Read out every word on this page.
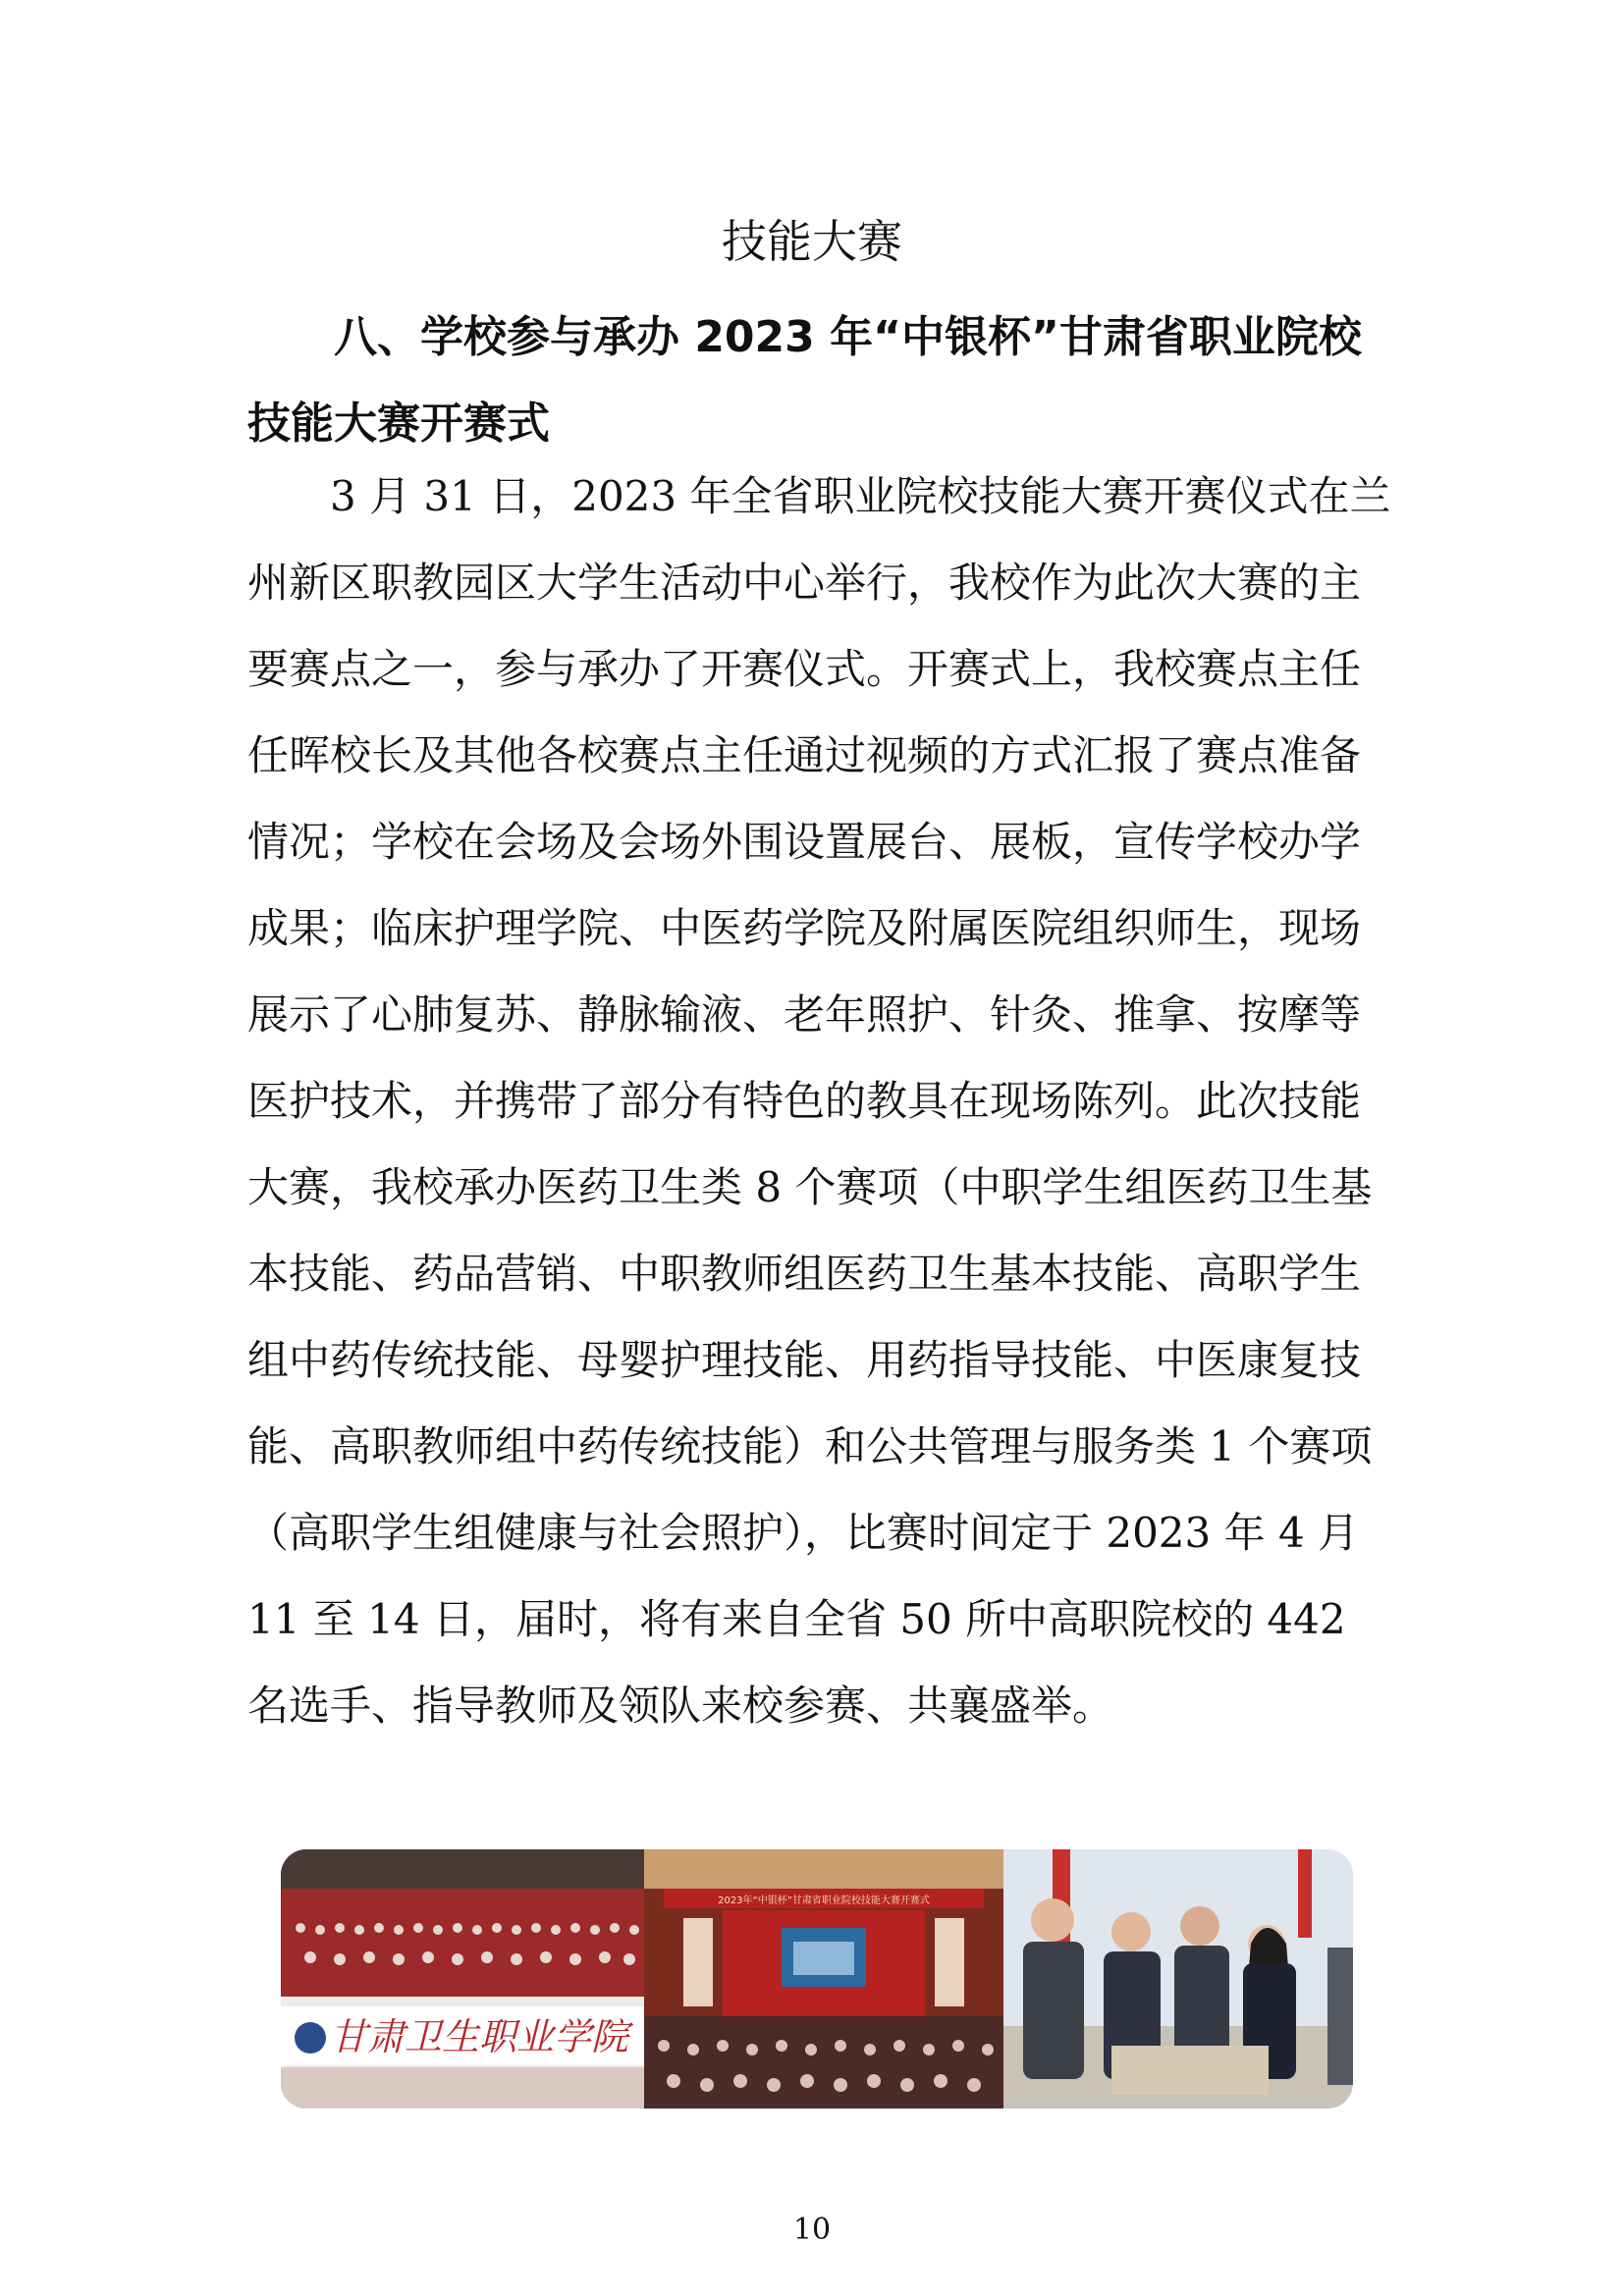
技能大赛
八、学校参与承办 2023 年“中银杯”甘肃省职业院校技能大赛开赛式

3 月 31 日，2023 年全省职业院校技能大赛开赛仪式在兰州新区职教园区大学生活动中心举行，我校作为此次大赛的主要赛点之一，参与承办了开赛仪式。开赛式上，我校赛点主任任晖校长及其他各校赛点主任通过视频的方式汇报了赛点准备情况；学校在会场及会场外围设置展台、展板，宣传学校办学成果；临床护理学院、中医药学院及附属医院组织师生，现场展示了心肺复苏、静脉输液、老年照护、针灸、推拿、按摩等医护技术，并携带了部分有特色的教具在现场陈列。此次技能大赛，我校承办医药卫生类 8 个赛项（中职学生组医药卫生基本技能、药品营销、中职教师组医药卫生基本技能、高职学生组中药传统技能、母婴护理技能、用药指导技能、中医康复技能、高职教师组中药传统技能）和公共管理与服务类 1 个赛项（高职学生组健康与社会照护），比赛时间定于 2023 年 4 月 11 至 14 日，届时，将有来自全省 50 所中高职院校的 442 名选手、指导教师及领队来校参赛、共襄盛举。

甘肃卫生职业学院
2023年“中银杯”甘肃省职业院校技能大赛开赛式
10
